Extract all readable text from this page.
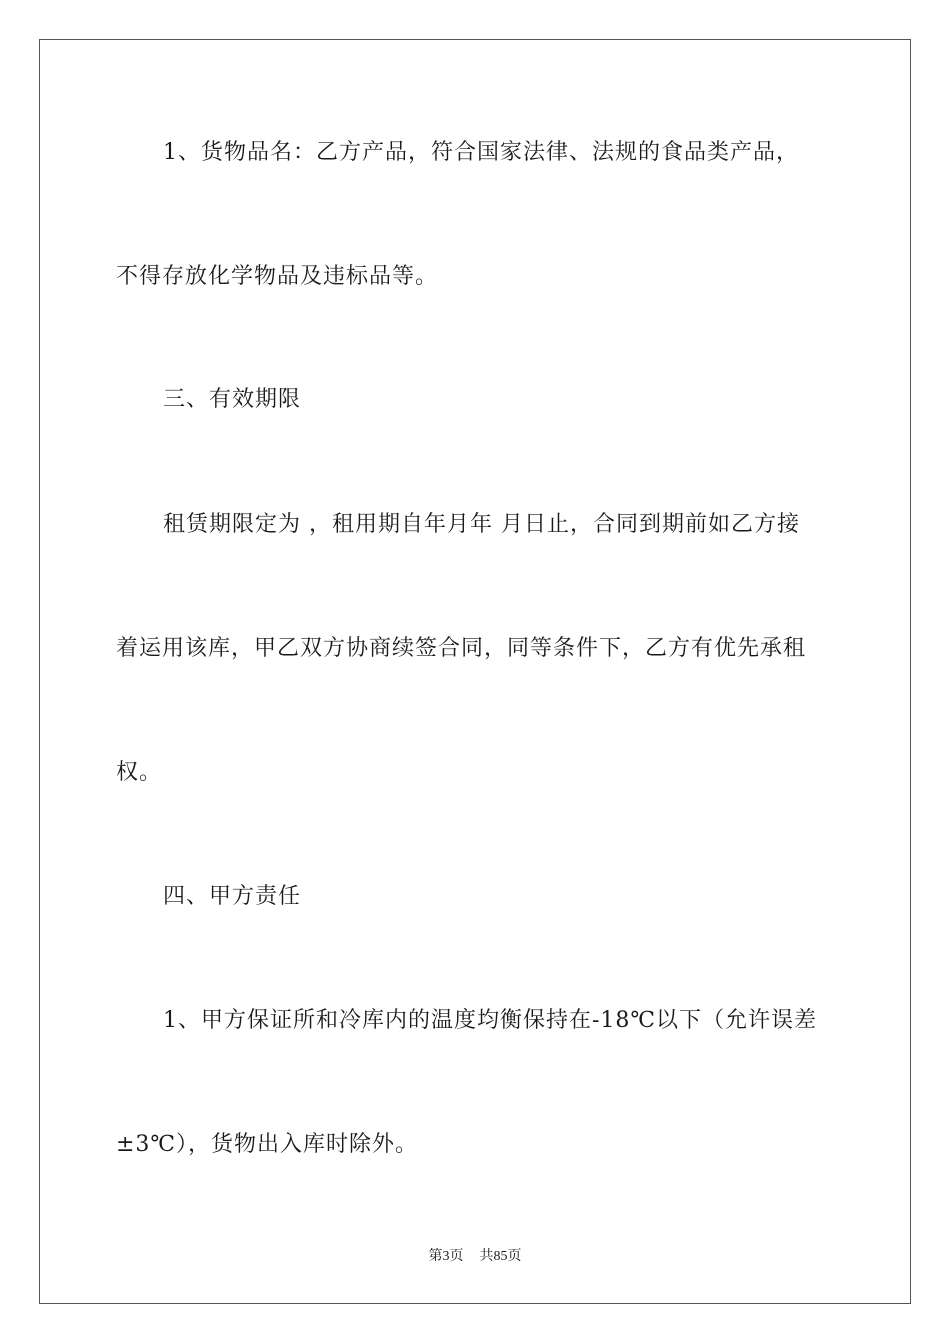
1、货物品名：乙方产品，符合国家法律、法规的食品类产品，
不得存放化学物品及违标品等。
三、有效期限
租赁期限定为 ，租用期自年月年 月日止，合同到期前如乙方接
着运用该库，甲乙双方协商续签合同，同等条件下，乙方有优先承租
权。
四、甲方责任
1、甲方保证所和冷库内的温度均衡保持在-18℃以下（允许误差
±3℃），货物出入库时除外。
第3页 共85页
